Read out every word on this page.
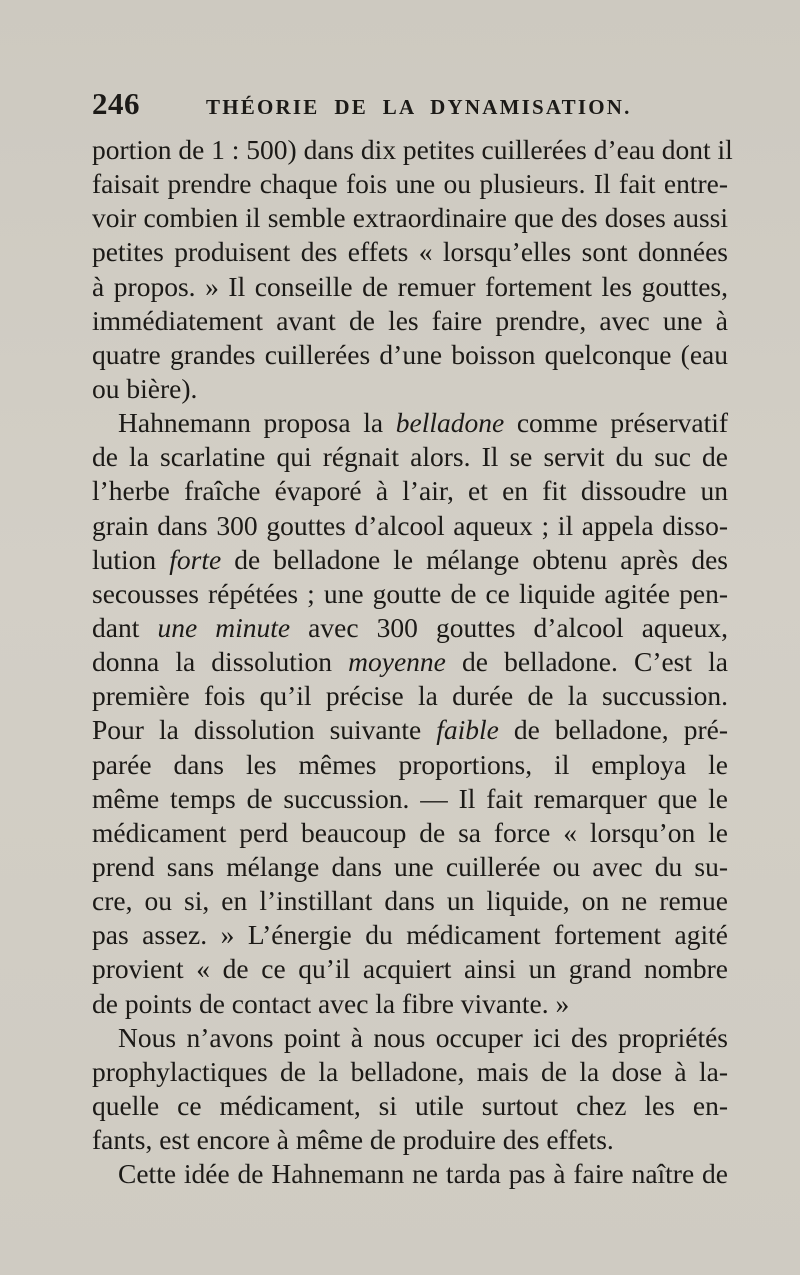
246	THÉORIE  DE  LA  DYNAMISATION.
portion de 1 : 500) dans dix petites cuillerées d’eau dont il
faisait prendre chaque fois une ou plusieurs. Il fait entre-
voir combien il semble extraordinaire que des doses aussi
petites produisent des effets « lorsqu’elles sont données
à propos. » Il conseille de remuer fortement les gouttes,
immédiatement avant de les faire prendre, avec une à
quatre grandes cuillerées d’une boisson quelconque (eau
ou bière).
Hahnemann proposa la belladone comme préservatif
de la scarlatine qui régnait alors. Il se servit du suc de
l’herbe fraîche évaporé à l’air, et en fit dissoudre un
grain dans 300 gouttes d’alcool aqueux ; il appela disso-
lution forte de belladone le mélange obtenu après des
secousses répétées ; une goutte de ce liquide agitée pen-
dant une minute avec 300 gouttes d’alcool aqueux,
donna la dissolution moyenne de belladone. C’est la
première fois qu’il précise la durée de la succussion.
Pour la dissolution suivante faible de belladone, pré-
parée dans les mêmes proportions, il employa le
même temps de succussion. — Il fait remarquer que le
médicament perd beaucoup de sa force « lorsqu’on le
prend sans mélange dans une cuillerée ou avec du su-
cre, ou si, en l’instillant dans un liquide, on ne remue
pas assez. » L’énergie du médicament fortement agité
provient « de ce qu’il acquiert ainsi un grand nombre
de points de contact avec la fibre vivante. »
Nous n’avons point à nous occuper ici des propriétés
prophylactiques de la belladone, mais de la dose à la-
quelle ce médicament, si utile surtout chez les en-
fants, est encore à même de produire des effets.
Cette idée de Hahnemann ne tarda pas à faire naître de
